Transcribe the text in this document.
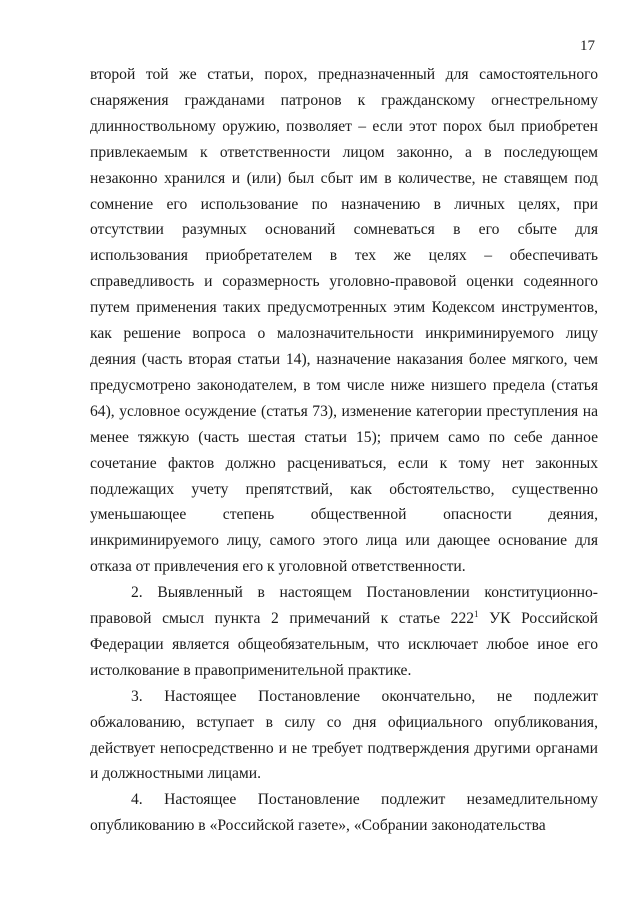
17

второй той же статьи, порох, предназначенный для самостоятельного снаряжения гражданами патронов к гражданскому огнестрельному длинноствольному оружию, позволяет – если этот порох был приобретен привлекаемым к ответственности лицом законно, а в последующем незаконно хранился и (или) был сбыт им в количестве, не ставящем под сомнение его использование по назначению в личных целях, при отсутствии разумных оснований сомневаться в его сбыте для использования приобретателем в тех же целях – обеспечивать справедливость и соразмерность уголовно-правовой оценки содеянного путем применения таких предусмотренных этим Кодексом инструментов, как решение вопроса о малозначительности инкриминируемого лицу деяния (часть вторая статьи 14), назначение наказания более мягкого, чем предусмотрено законодателем, в том числе ниже низшего предела (статья 64), условное осуждение (статья 73), изменение категории преступления на менее тяжкую (часть шестая статьи 15); причем само по себе данное сочетание фактов должно расцениваться, если к тому нет законных подлежащих учету препятствий, как обстоятельство, существенно уменьшающее степень общественной опасности деяния, инкриминируемого лицу, самого этого лица или дающее основание для отказа от привлечения его к уголовной ответственности.

2. Выявленный в настоящем Постановлении конституционно-правовой смысл пункта 2 примечаний к статье $222^1$ УК Российской Федерации является общеобязательным, что исключает любое иное его истолкование в правоприменительной практике.

3. Настоящее Постановление окончательно, не подлежит обжалованию, вступает в силу со дня официального опубликования, действует непосредственно и не требует подтверждения другими органами и должностными лицами.

4. Настоящее Постановление подлежит незамедлительному опубликованию в «Российской газете», «Собрании законодательства
